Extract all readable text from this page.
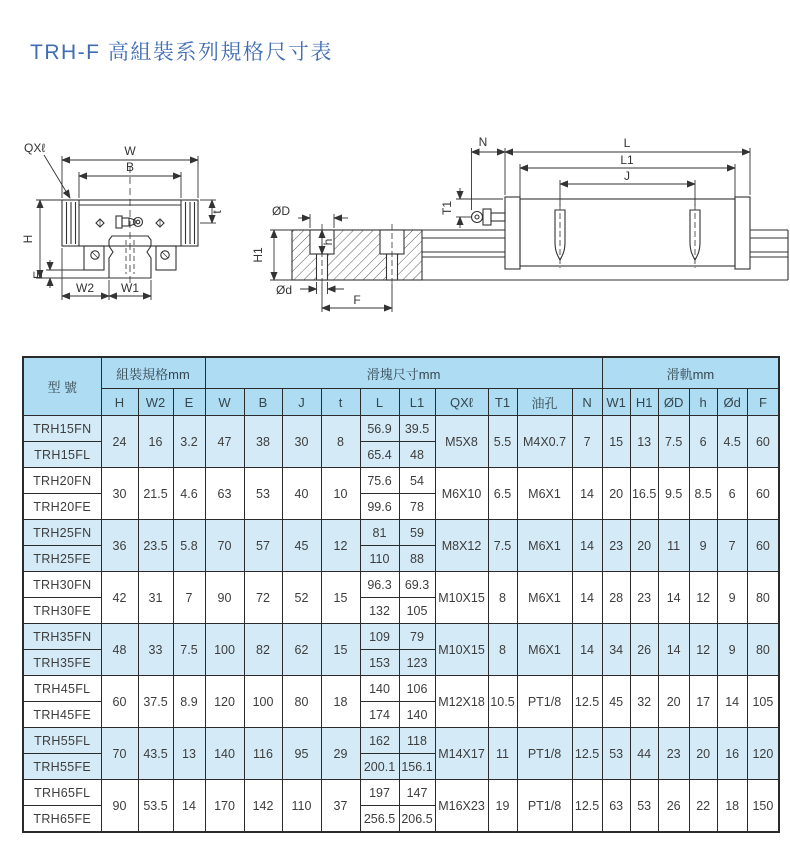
TRH-F 高組裝系列規格尺寸表
W
B
QXℓ
H
E
W2 W1
t	ØD
H1
h
Ød
F
N	L
L1
J
T1
型 號	組裝規格mm			滑塊尺寸mm										滑軌mm					
	H	W2	E	W	B	J	t	L	L1	QXℓ	T1	油孔	N	W1	H1	ØD	h	Ød	F
TRH15FN	24	16	3.2	47	38	30	8	56.9	39.5	M5X8	5.5	M4X0.7	7	15	13	7.5	6	4.5	60
TRH15FL								65.4	48										
TRH20FN	30	21.5	4.6	63	53	40	10	75.6	54	M6X10	6.5	M6X1	14	20	16.5	9.5	8.5	6	60
TRH20FE								99.6	78										
TRH25FN	36	23.5	5.8	70	57	45	12	81	59	M8X12	7.5	M6X1	14	23	20	11	9	7	60
TRH25FE								110	88										
TRH30FN	42	31	7	90	72	52	15	96.3	69.3	M10X15	8	M6X1	14	28	23	14	12	9	80
TRH30FE								132	105										
TRH35FN	48	33	7.5	100	82	62	15	109	79	M10X15	8	M6X1	14	34	26	14	12	9	80
TRH35FE								153	123										
TRH45FL	60	37.5	8.9	120	100	80	18	140	106	M12X18	10.5	PT1/8	12.5	45	32	20	17	14	105
TRH45FE								174	140										
TRH55FL	70	43.5	13	140	116	95	29	162	118	M14X17	11	PT1/8	12.5	53	44	23	20	16	120
TRH55FE								200.1	156.1										
TRH65FL	90	53.5	14	170	142	110	37	197	147	M16X23	19	PT1/8	12.5	63	53	26	22	18	150
TRH65FE								256.5	206.5										
